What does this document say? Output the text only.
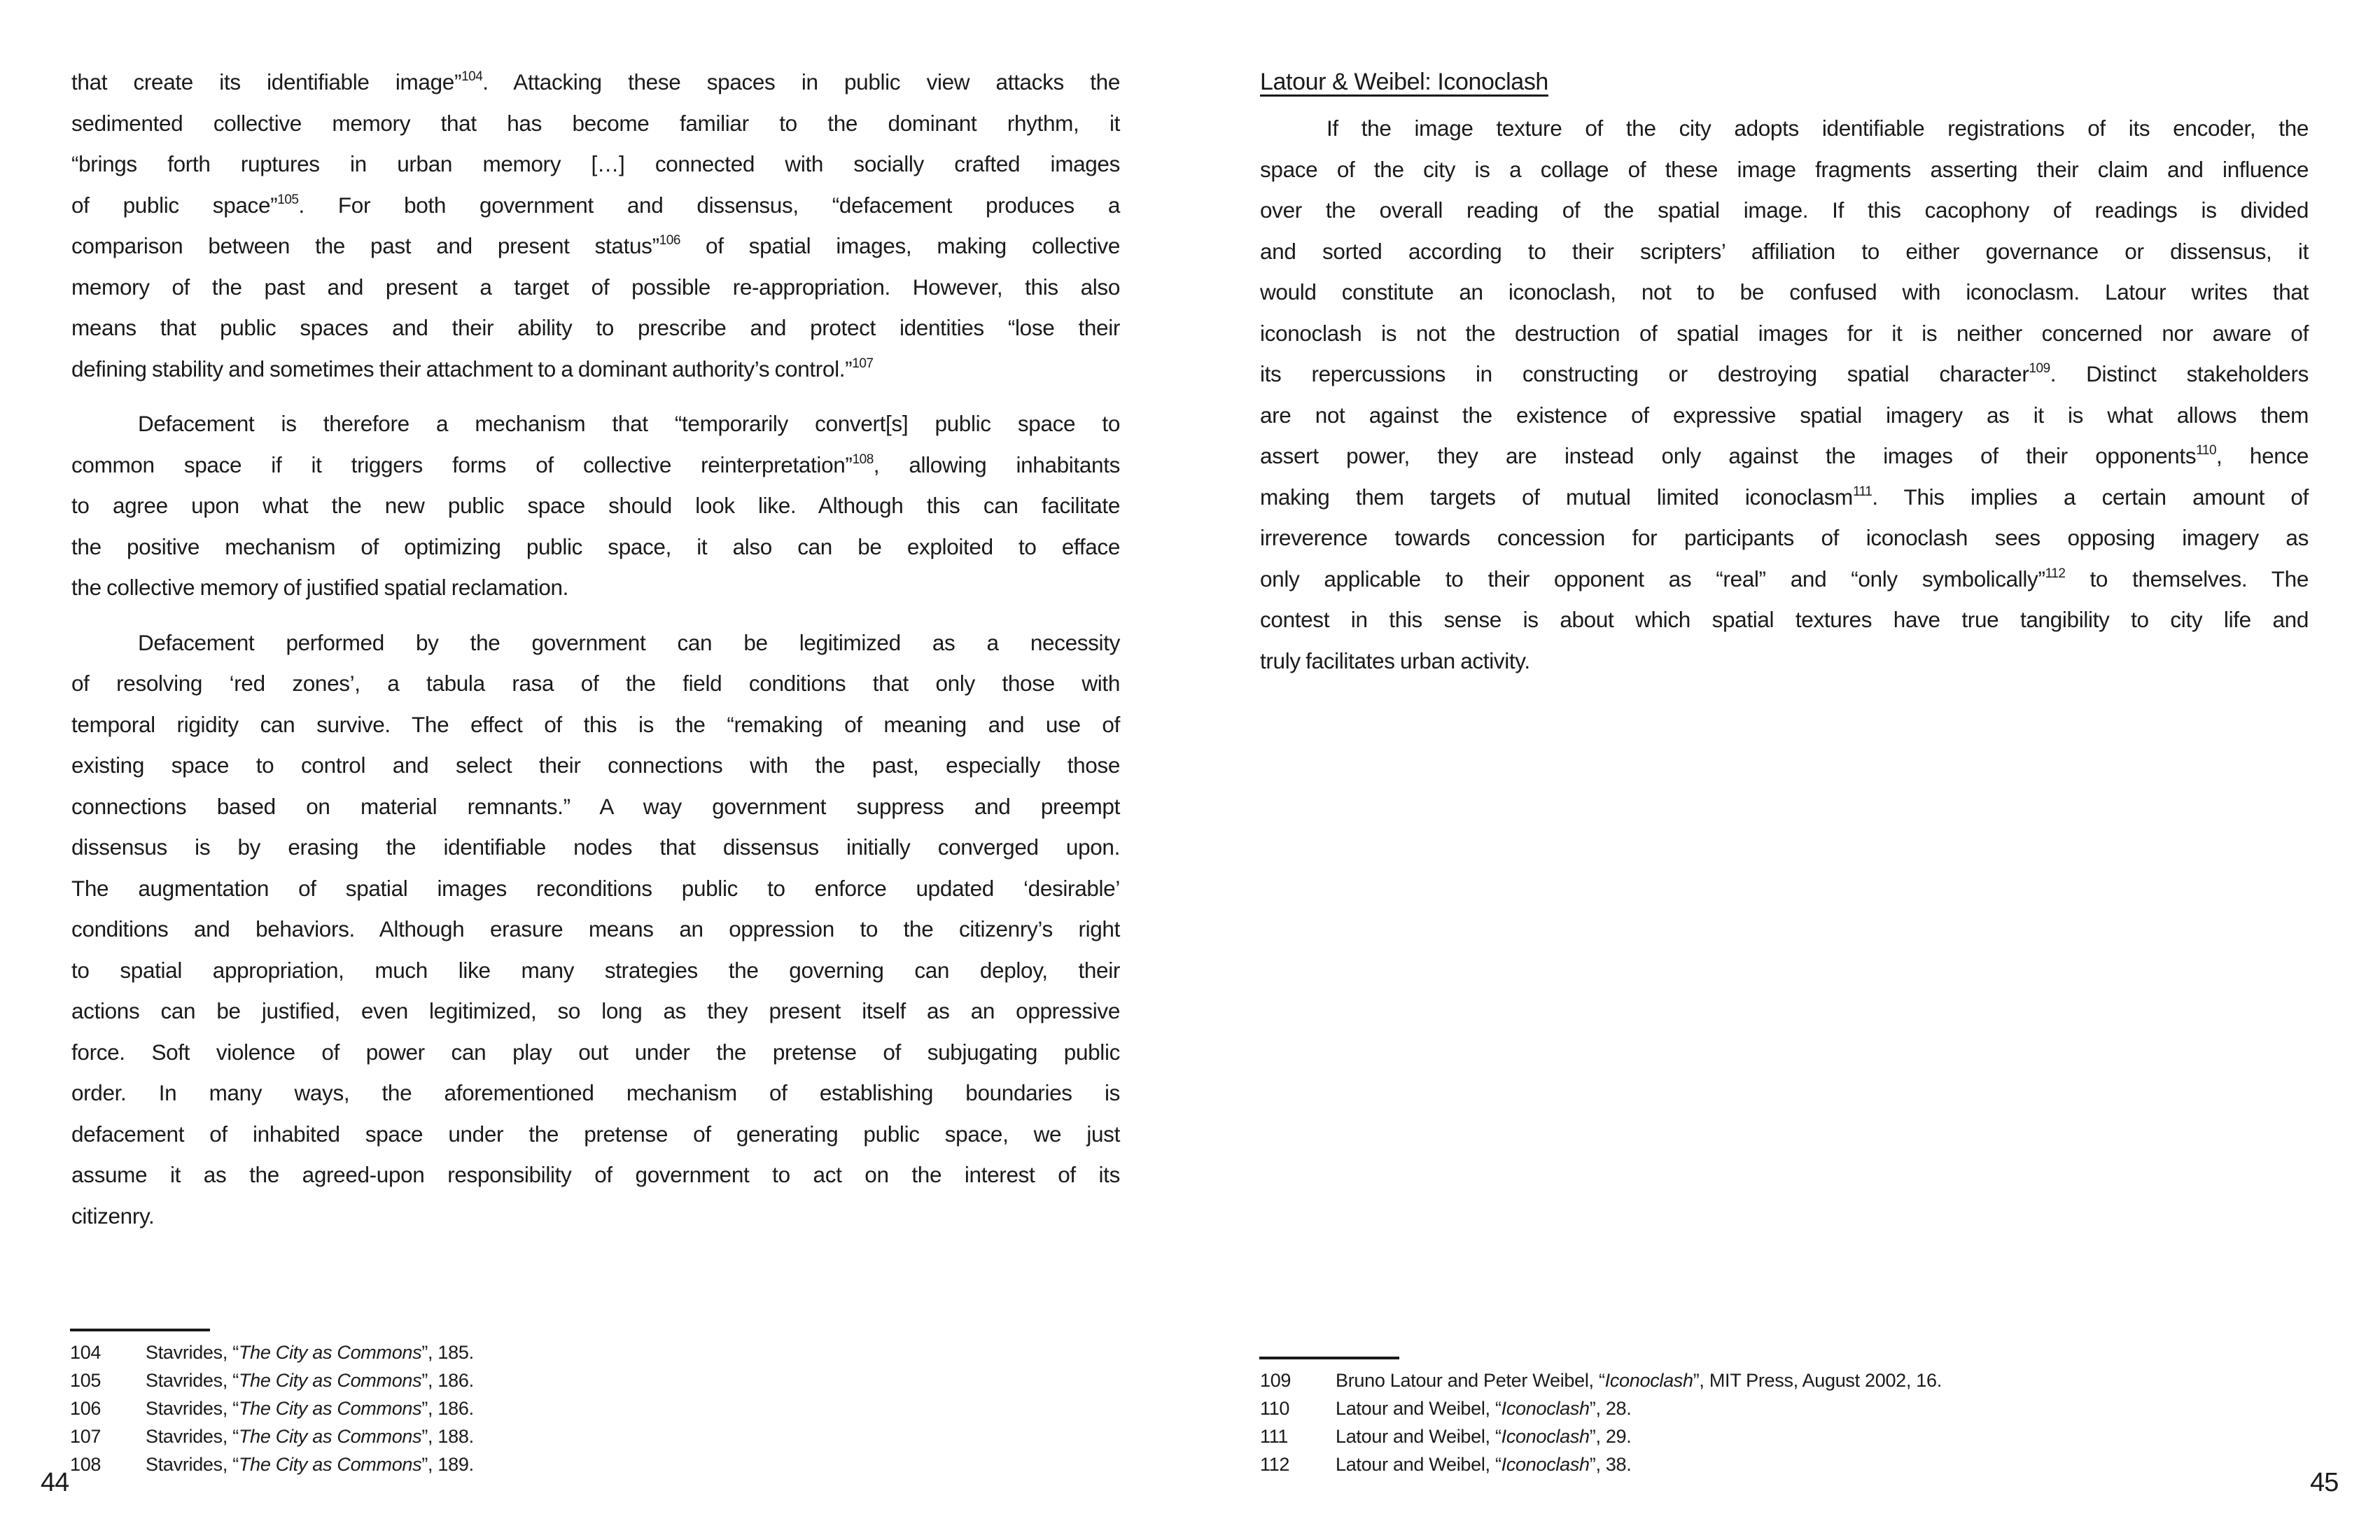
that create its identifiable image”$^{104}$. Attacking these spaces in public view attacks the
sedimented collective memory that has become familiar to the dominant rhythm, it
“brings forth ruptures in urban memory […] connected with socially crafted images
of public space”$^{105}$. For both government and dissensus, “defacement produces a
comparison between the past and present status”$^{106}$ of spatial images, making collective
memory of the past and present a target of possible re-appropriation. However, this also
means that public spaces and their ability to prescribe and protect identities “lose their
defining stability and sometimes their attachment to a dominant authority’s control.”$^{107}$
Defacement is therefore a mechanism that “temporarily convert[s] public space to
common space if it triggers forms of collective reinterpretation”$^{108}$, allowing inhabitants
to agree upon what the new public space should look like. Although this can facilitate
the positive mechanism of optimizing public space, it also can be exploited to efface
the collective memory of justified spatial reclamation.
Defacement performed by the government can be legitimized as a necessity
of resolving ‘red zones’, a tabula rasa of the field conditions that only those with
temporal rigidity can survive. The effect of this is the “remaking of meaning and use of
existing space to control and select their connections with the past, especially those
connections based on material remnants.” A way government suppress and preempt
dissensus is by erasing the identifiable nodes that dissensus initially converged upon.
The augmentation of spatial images reconditions public to enforce updated ‘desirable’
conditions and behaviors. Although erasure means an oppression to the citizenry’s right
to spatial appropriation, much like many strategies the governing can deploy, their
actions can be justified, even legitimized, so long as they present itself as an oppressive
force. Soft violence of power can play out under the pretense of subjugating public
order. In many ways, the aforementioned mechanism of establishing boundaries is
defacement of inhabited space under the pretense of generating public space, we just
assume it as the agreed-upon responsibility of government to act on the interest of its
citizenry.
104 Stavrides, “The City as Commons”, 185.
105 Stavrides, “The City as Commons”, 186.
106 Stavrides, “The City as Commons”, 186.
107 Stavrides, “The City as Commons”, 188.
108 Stavrides, “The City as Commons”, 189.
44
Latour & Weibel: Iconoclash
If the image texture of the city adopts identifiable registrations of its encoder, the
space of the city is a collage of these image fragments asserting their claim and influence
over the overall reading of the spatial image. If this cacophony of readings is divided
and sorted according to their scripters’ affiliation to either governance or dissensus, it
would constitute an iconoclash, not to be confused with iconoclasm. Latour writes that
iconoclash is not the destruction of spatial images for it is neither concerned nor aware of
its repercussions in constructing or destroying spatial character$^{109}$. Distinct stakeholders
are not against the existence of expressive spatial imagery as it is what allows them
assert power, they are instead only against the images of their opponents$^{110}$, hence
making them targets of mutual limited iconoclasm$^{111}$. This implies a certain amount of
irreverence towards concession for participants of iconoclash sees opposing imagery as
only applicable to their opponent as “real” and “only symbolically”$^{112}$ to themselves. The
contest in this sense is about which spatial textures have true tangibility to city life and
truly facilitates urban activity.
109 Bruno Latour and Peter Weibel, “Iconoclash”, MIT Press, August 2002, 16.
110 Latour and Weibel, “Iconoclash”, 28.
111	Latour and Weibel, “Iconoclash”, 29.
112 Latour and Weibel, “Iconoclash”, 38.
45
